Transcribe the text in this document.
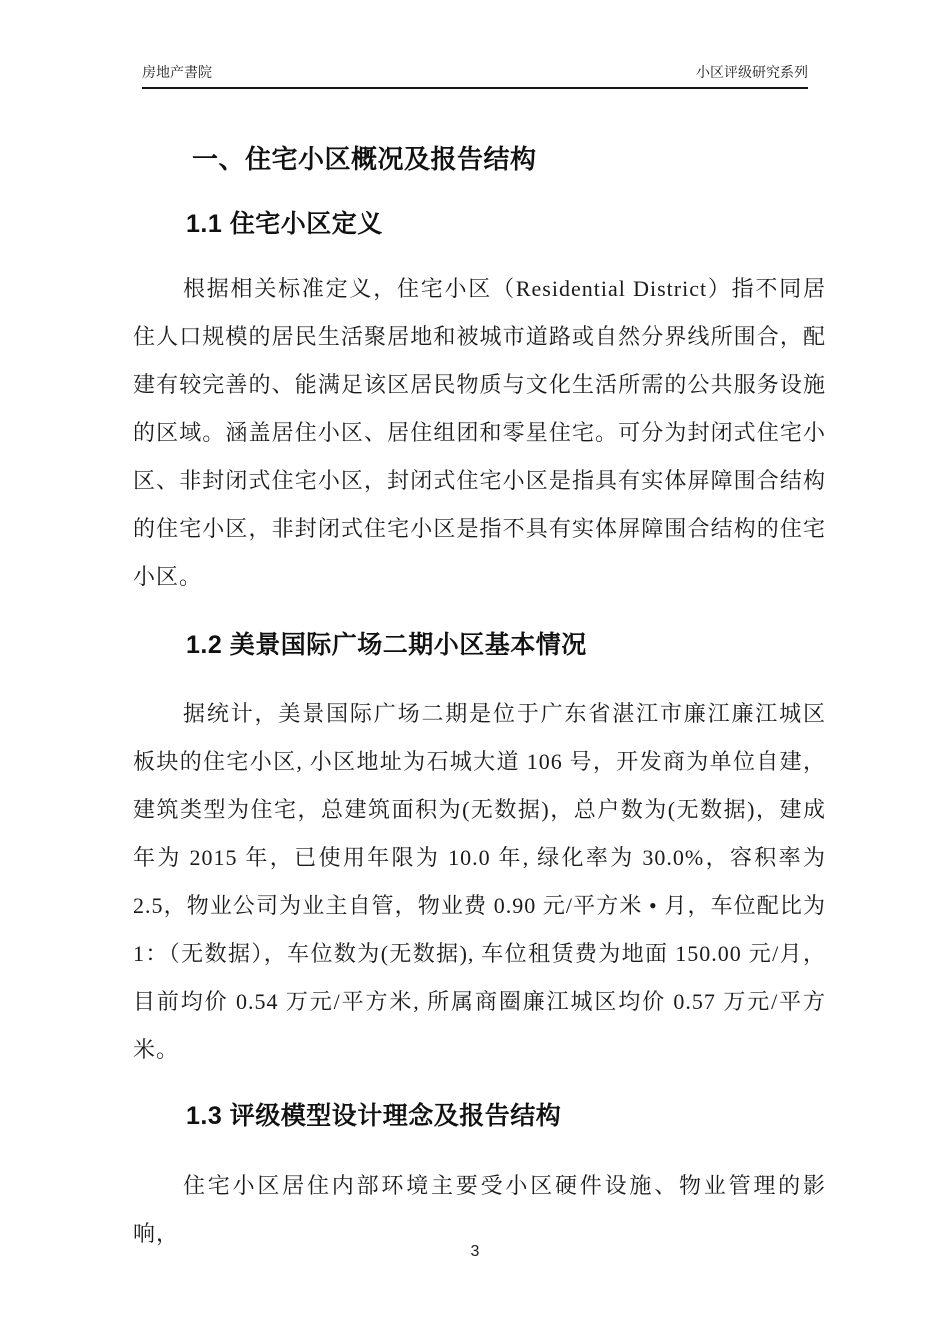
房地产書院	小区评级研究系列
一、住宅小区概况及报告结构
1.1 住宅小区定义

根据相关标准定义，住宅小区（Residential District）指不同居住人口规模的居民生活聚居地和被城市道路或自然分界线所围合，配建有较完善的、能满足该区居民物质与文化生活所需的公共服务设施的区域。涵盖居住小区、居住组团和零星住宅。可分为封闭式住宅小区、非封闭式住宅小区，封闭式住宅小区是指具有实体屏障围合结构的住宅小区，非封闭式住宅小区是指不具有实体屏障围合结构的住宅小区。

1.2 美景国际广场二期小区基本情况

据统计，美景国际广场二期是位于广东省湛江市廉江廉江城区板块的住宅小区, 小区地址为石城大道 106 号，开发商为单位自建，建筑类型为住宅，总建筑面积为(无数据)，总户数为(无数据)，建成年为 2015 年，已使用年限为 10.0 年, 绿化率为 30.0%，容积率为 2.5，物业公司为业主自管，物业费 0.90 元/平方米 • 月，车位配比为 1：（无数据），车位数为(无数据), 车位租赁费为地面 150.00 元/月，目前均价 0.54 万元/平方米, 所属商圈廉江城区均价 0.57 万元/平方米。

1.3 评级模型设计理念及报告结构

住宅小区居住内部环境主要受小区硬件设施、物业管理的影响，

3
